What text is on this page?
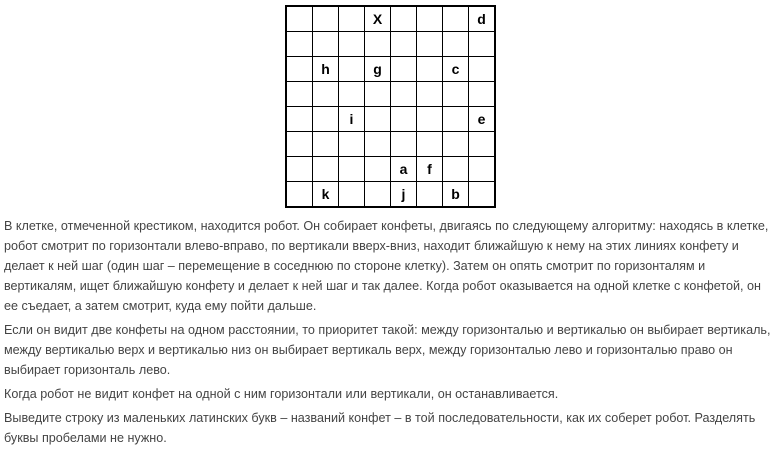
			X				d

	h		g			c	

		i					e

				a	f		
	k			j		b	

В клетке, отмеченной крестиком, находится робот. Он собирает конфеты, двигаясь по следующему алгоритму: находясь в клетке, робот смотрит по горизонтали влево-вправо, по вертикали вверх-вниз, находит ближайшую к нему на этих линиях конфету и делает к ней шаг (один шаг – перемещение в соседнюю по стороне клетку). Затем он опять смотрит по горизонталям и вертикалям, ищет ближайшую конфету и делает к ней шаг и так далее. Когда робот оказывается на одной клетке с конфетой, он ее съедает, а затем смотрит, куда ему пойти дальше.

Если он видит две конфеты на одном расстоянии, то приоритет такой: между горизонталью и вертикалью он выбирает вертикаль, между вертикалью верх и вертикалью низ он выбирает вертикаль верх, между горизонталью лево и горизонталью право он выбирает горизонталь лево.

Когда робот не видит конфет на одной с ним горизонтали или вертикали, он останавливается.

Выведите строку из маленьких латинских букв – названий конфет – в той последовательности, как их соберет робот. Разделять буквы пробелами не нужно.
